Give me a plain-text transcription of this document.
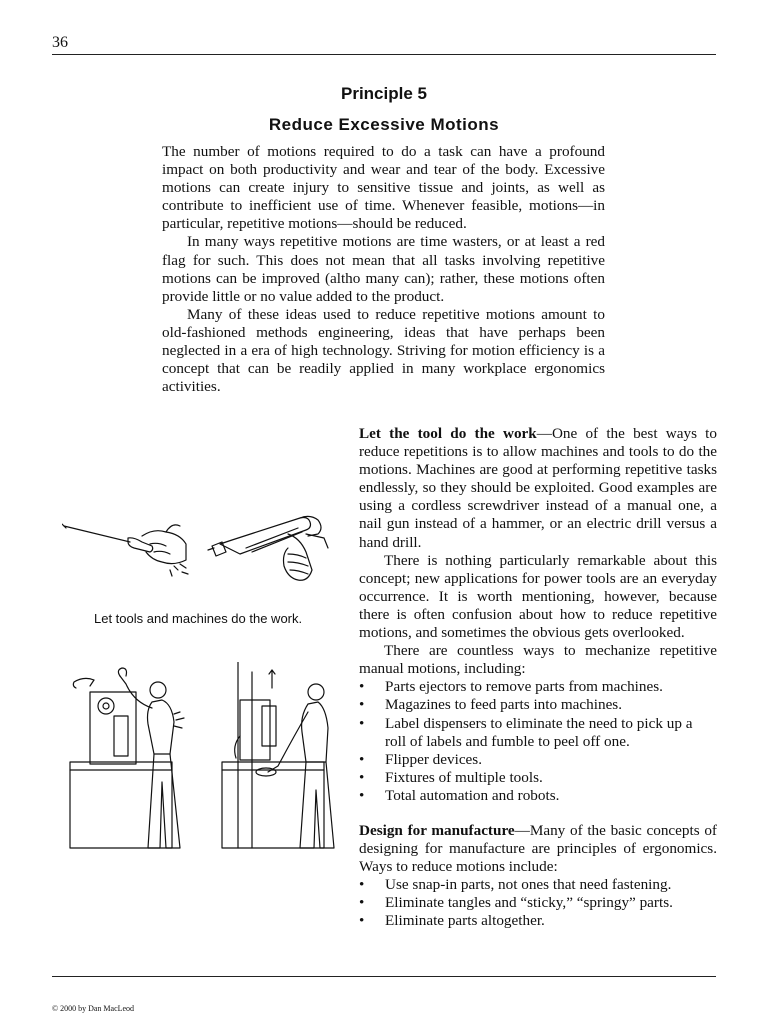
36
Principle 5
Reduce Excessive Motions

The number of motions required to do a task can have a profound impact on both productivity and wear and tear of the body. Excessive motions can create injury to sensitive tissue and joints, as well as contribute to inefficient use of time. Whenever feasible, motions—in particular, repetitive motions—should be reduced.

In many ways repetitive motions are time wasters, or at least a red flag for such. This does not mean that all tasks involving repetitive motions can be improved (altho many can); rather, these motions often provide little or no value added to the product.

Many of these ideas used to reduce repetitive motions amount to old-fashioned methods engineering, ideas that have perhaps been neglected in a era of high technology. Striving for motion efficiency is a concept that can be readily applied in many workplace ergonomics activities.

Let tools and machines do the work.

Let the tool do the work—One of the best ways to reduce repetitions is to allow machines and tools to do the motions. Machines are good at performing repetitive tasks endlessly, so they should be exploited. Good examples are using a cordless screwdriver instead of a manual one, a nail gun instead of a hammer, or an electric drill versus a hand drill.

There is nothing particularly remarkable about this concept; new applications for power tools are an everyday occurrence. It is worth mentioning, however, because there is often confusion about how to reduce repetitive motions, and sometimes the obvious gets overlooked.

There are countless ways to mechanize repetitive manual motions, including:

• Parts ejectors to remove parts from machines.
• Magazines to feed parts into machines.
• Label dispensers to eliminate the need to pick up a roll of labels and fumble to peel off one.
• Flipper devices.
• Fixtures of multiple tools.
• Total automation and robots.

Design for manufacture—Many of the basic concepts of designing for manufacture are principles of ergonomics. Ways to reduce motions include:

• Use snap-in parts, not ones that need fastening.
• Eliminate tangles and “sticky,” “springy” parts.
• Eliminate parts altogether.
© 2000 by Dan MacLeod
